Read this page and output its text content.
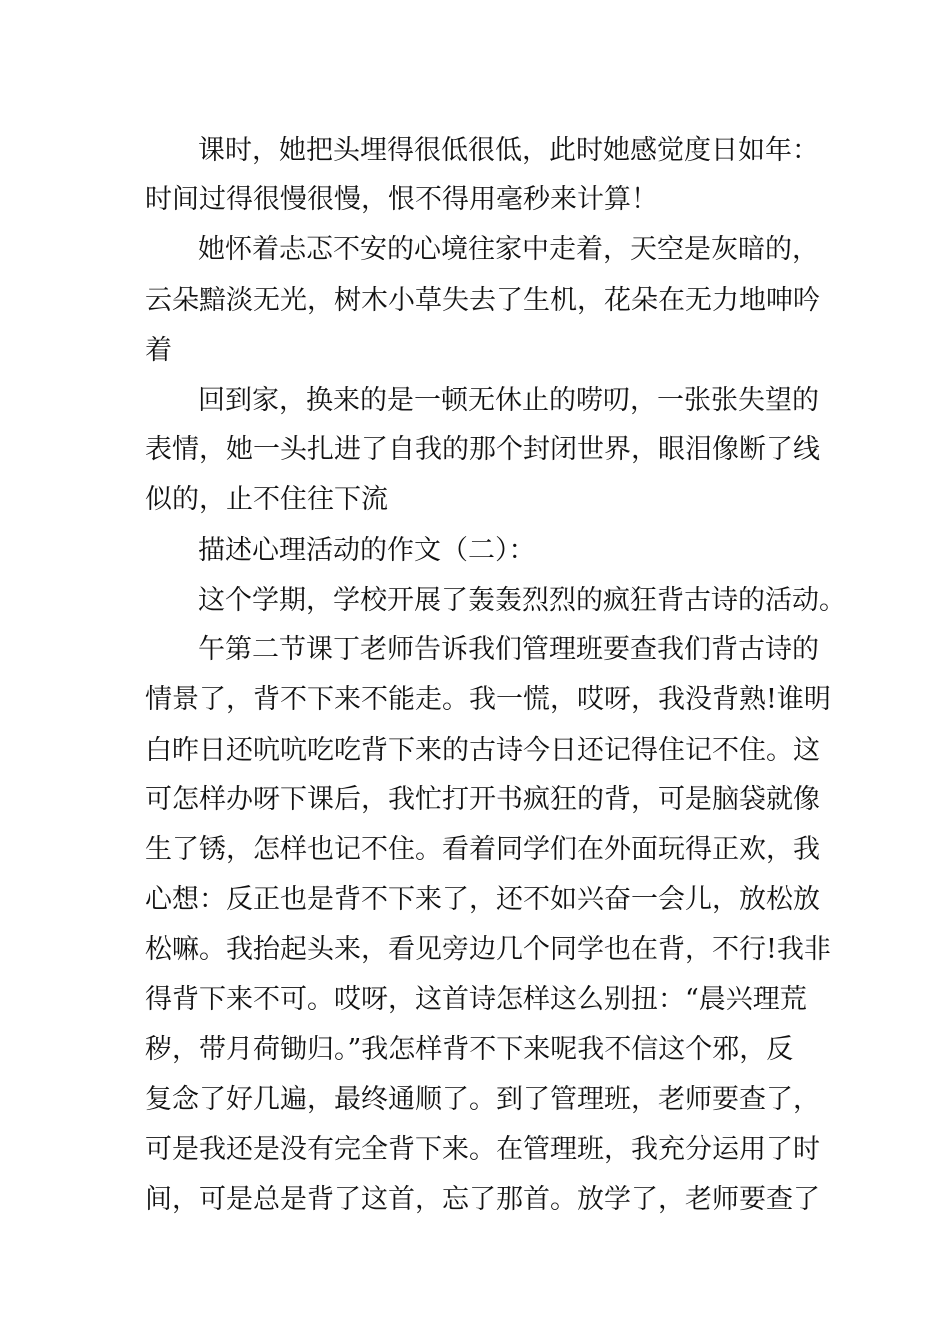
课时，她把头埋得很低很低，此时她感觉度日如年：
时间过得很慢很慢，恨不得用毫秒来计算！
她怀着忐忑不安的心境往家中走着，天空是灰暗的，
云朵黯淡无光，树木小草失去了生机，花朵在无力地呻吟
着
回到家，换来的是一顿无休止的唠叨，一张张失望的
表情，她一头扎进了自我的那个封闭世界，眼泪像断了线
似的，止不住往下流
描述心理活动的作文（二）：
这个学期，学校开展了轰轰烈烈的疯狂背古诗的活动。
午第二节课丁老师告诉我们管理班要查我们背古诗的
情景了，背不下来不能走。我一慌，哎呀，我没背熟!谁明
白昨日还吭吭吃吃背下来的古诗今日还记得住记不住。这
可怎样办呀下课后，我忙打开书疯狂的背，可是脑袋就像
生了锈，怎样也记不住。看着同学们在外面玩得正欢，我
心想：反正也是背不下来了，还不如兴奋一会儿，放松放
松嘛。我抬起头来，看见旁边几个同学也在背，不行!我非
得背下来不可。哎呀，这首诗怎样这么别扭：“晨兴理荒
秽，带月荷锄归。”我怎样背不下来呢我不信这个邪，反
复念了好几遍，最终通顺了。到了管理班，老师要查了，
可是我还是没有完全背下来。在管理班，我充分运用了时
间，可是总是背了这首，忘了那首。放学了，老师要查了
